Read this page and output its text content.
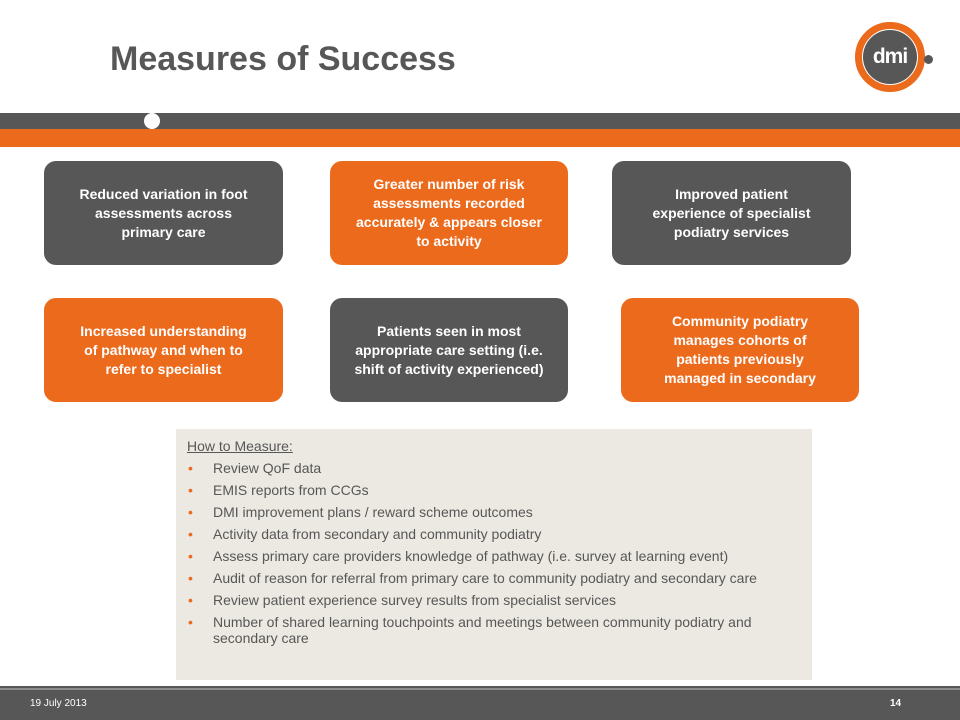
Measures of Success	dmi
Reduced variation in foot assessments across primary care
Greater number of risk assessments recorded accurately & appears closer to activity
Improved patient experience of specialist podiatry services
Increased understanding of pathway and when to refer to specialist
Patients seen in most appropriate care setting (i.e. shift of activity experienced)
Community podiatry manages cohorts of patients previously managed in secondary
How to Measure:
• Review QoF data
• EMIS reports from CCGs
• DMI improvement plans / reward scheme outcomes
• Activity data from secondary and community podiatry
• Assess primary care providers knowledge of pathway (i.e. survey at learning event)
• Audit of reason for referral from primary care to community podiatry and secondary care
• Review patient experience survey results from specialist services
• Number of shared learning touchpoints and meetings between community podiatry and secondary care
19 July 2013	14
